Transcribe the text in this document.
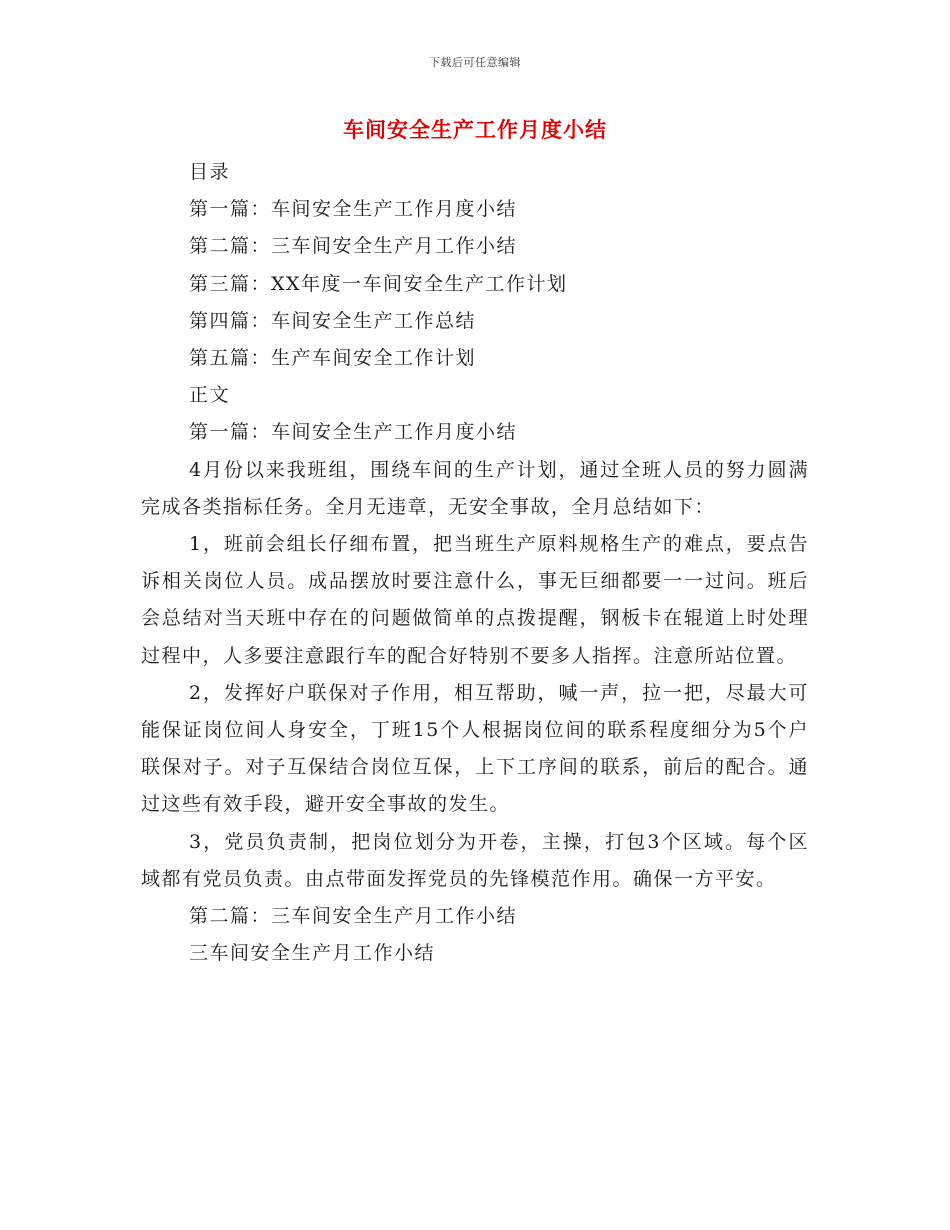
下载后可任意编辑
车间安全生产工作月度小结
目录
第一篇：车间安全生产工作月度小结
第二篇：三车间安全生产月工作小结
第三篇：XX年度一车间安全生产工作计划
第四篇：车间安全生产工作总结
第五篇：生产车间安全工作计划
正文
第一篇：车间安全生产工作月度小结

4月份以来我班组，围绕车间的生产计划，通过全班人员的努力圆满完成各类指标任务。全月无违章，无安全事故，全月总结如下：

1，班前会组长仔细布置，把当班生产原料规格生产的难点，要点告诉相关岗位人员。成品摆放时要注意什么，事无巨细都要一一过问。班后会总结对当天班中存在的问题做简单的点拨提醒，钢板卡在辊道上时处理过程中，人多要注意跟行车的配合好特别不要多人指挥。注意所站位置。

2，发挥好户联保对子作用，相互帮助，喊一声，拉一把，尽最大可能保证岗位间人身安全，丁班15个人根据岗位间的联系程度细分为5个户联保对子。对子互保结合岗位互保，上下工序间的联系，前后的配合。通过这些有效手段，避开安全事故的发生。

3，党员负责制，把岗位划分为开卷，主操，打包3个区域。每个区域都有党员负责。由点带面发挥党员的先锋模范作用。确保一方平安。

第二篇：三车间安全生产月工作小结
三车间安全生产月工作小结
